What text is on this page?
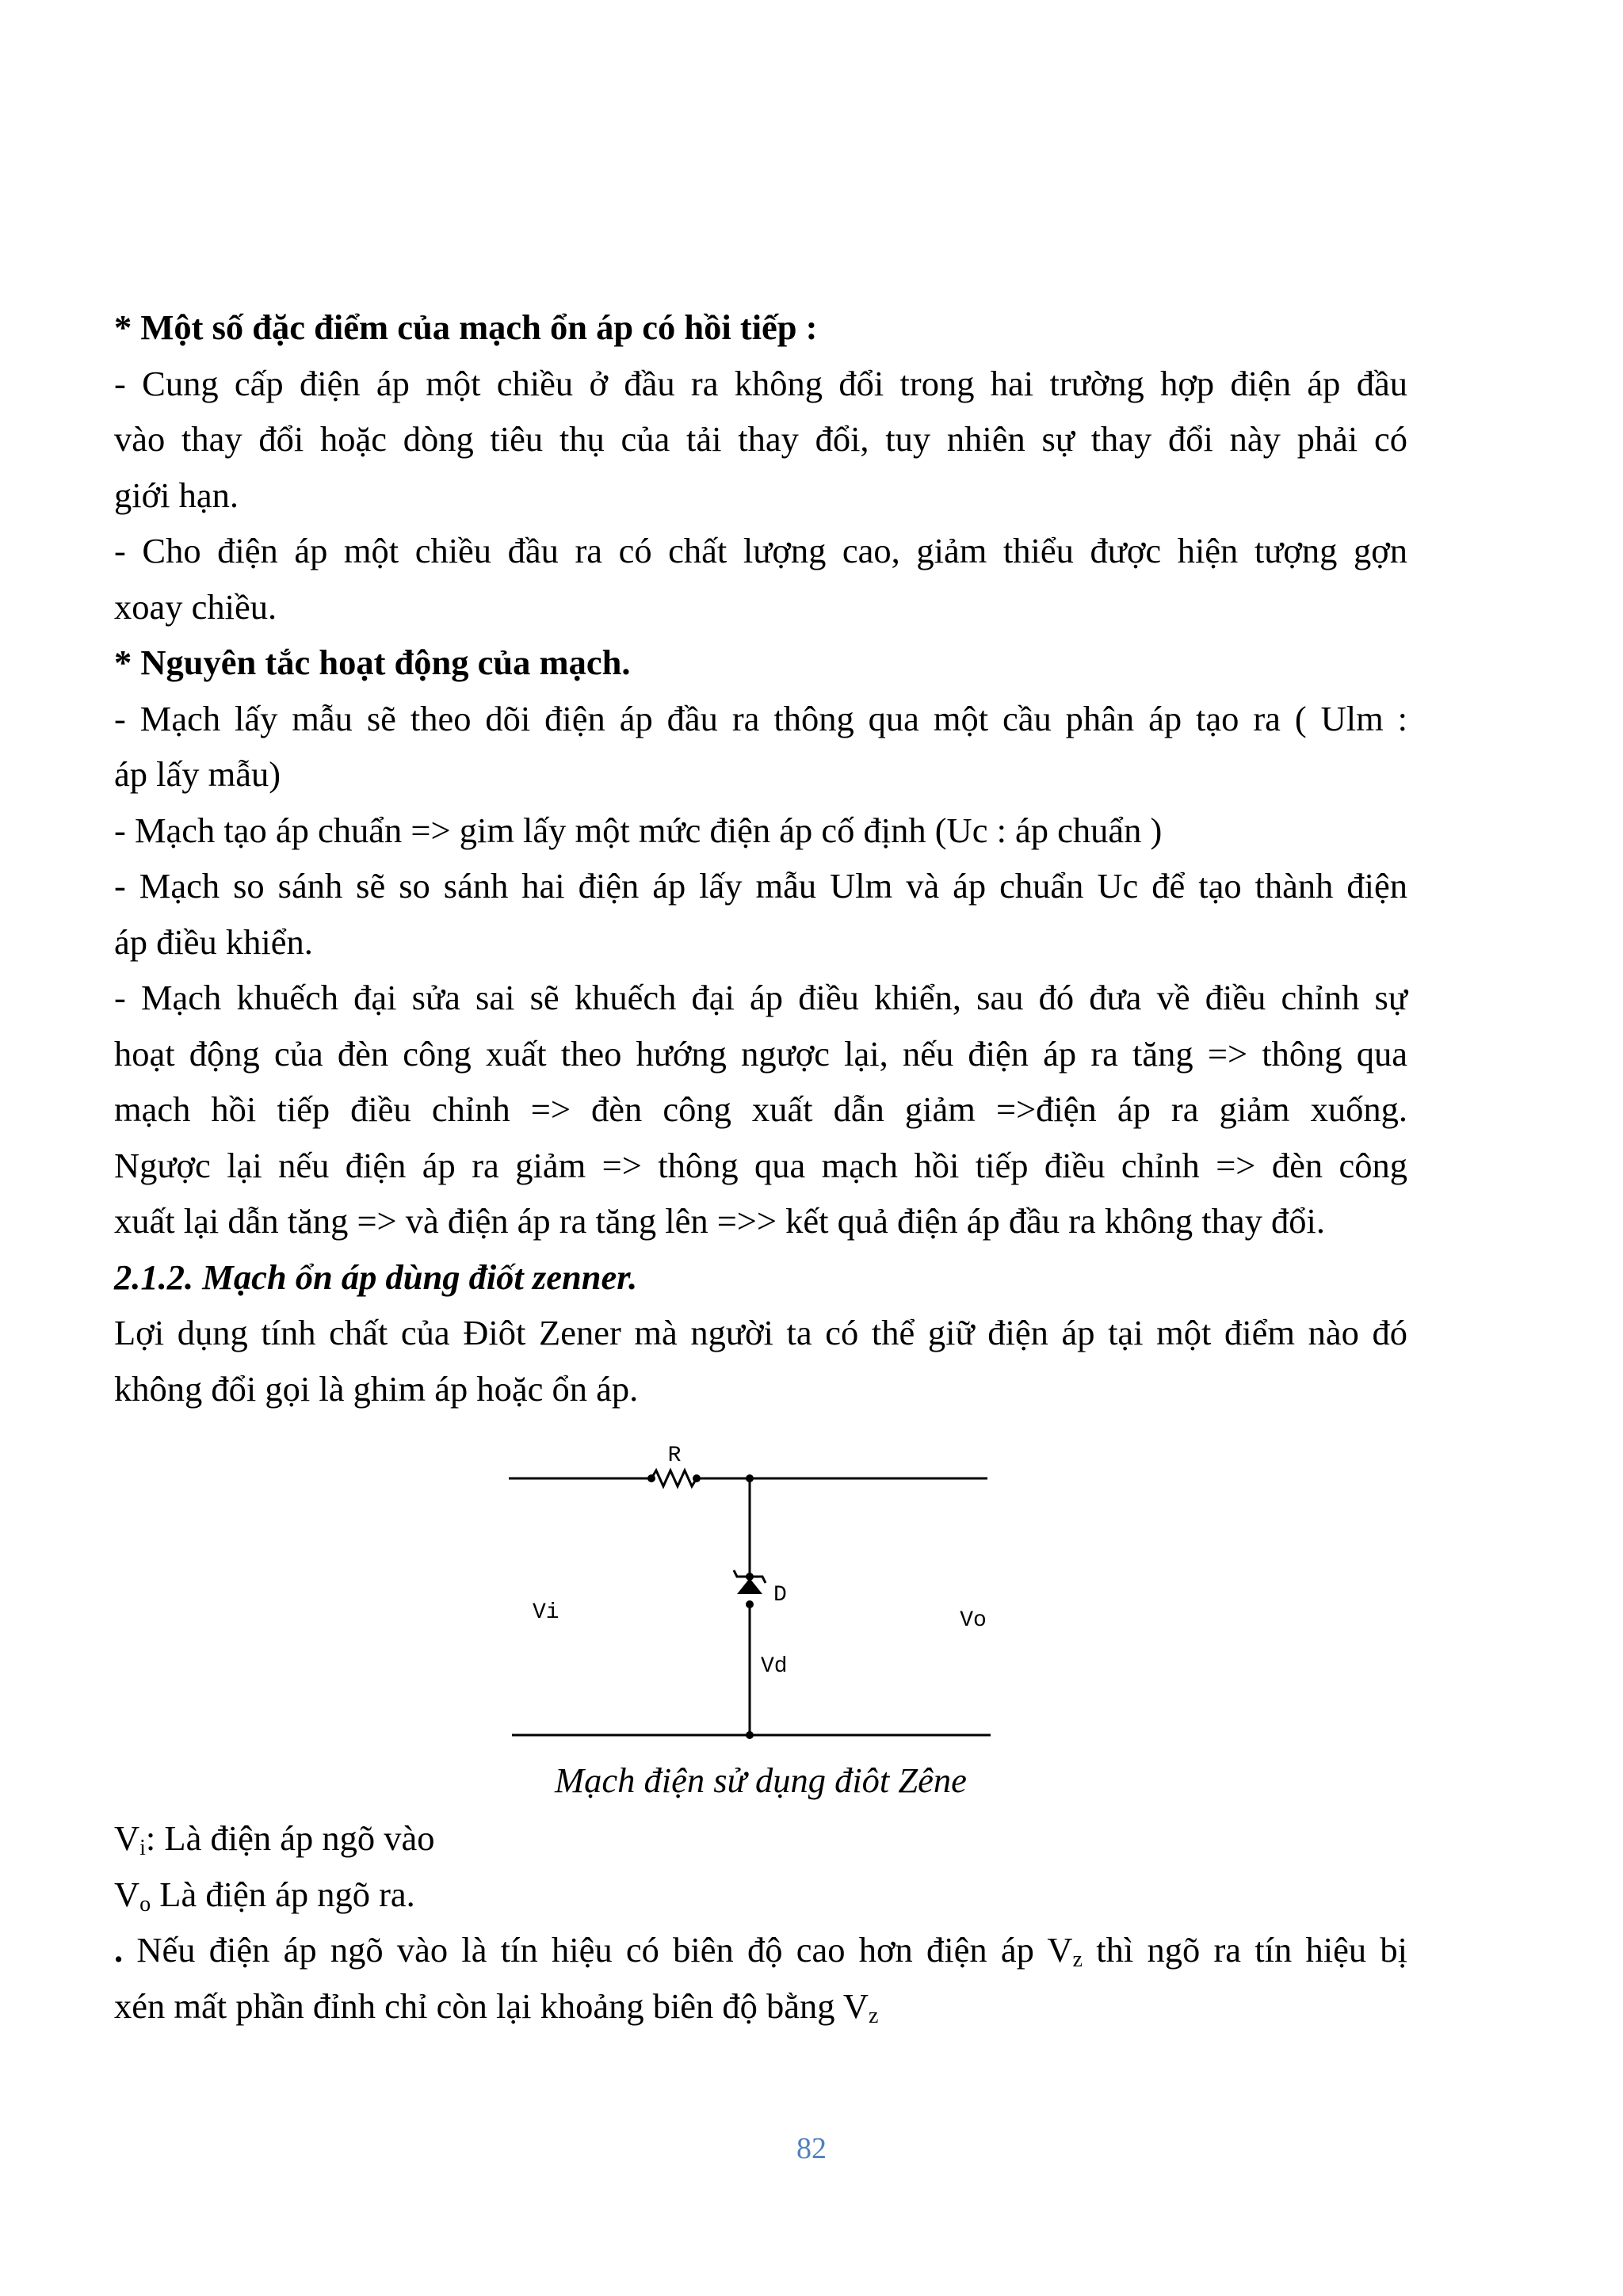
* Một số đặc điểm của mạch ổn áp có hồi tiếp :
- Cung cấp điện áp một chiều ở đầu ra không đổi trong hai trường hợp điện áp đầu
vào thay đổi hoặc dòng tiêu thụ của tải thay đổi, tuy nhiên sự thay đổi này phải có
giới hạn.
- Cho điện áp một chiều đầu ra có chất lượng cao, giảm thiểu được hiện tượng gợn
xoay chiều.
* Nguyên tắc hoạt động của mạch.
- Mạch lấy mẫu sẽ theo dõi điện áp đầu ra thông qua một cầu phân áp tạo ra ( Ulm :
áp lấy mẫu)
- Mạch tạo áp chuẩn => gim lấy một mức điện áp cố định (Uc : áp chuẩn )
- Mạch so sánh sẽ so sánh hai điện áp lấy mẫu Ulm và áp chuẩn Uc để tạo thành điện
áp điều khiển.
- Mạch khuếch đại sửa sai sẽ khuếch đại áp điều khiển, sau đó đưa về điều chỉnh sự
hoạt động của đèn công xuất theo hướng ngược lại, nếu điện áp ra tăng => thông qua
mạch hồi tiếp điều chỉnh => đèn công xuất dẫn giảm =>điện áp ra giảm xuống.
Ngược lại nếu điện áp ra giảm => thông qua mạch hồi tiếp điều chỉnh => đèn công
xuất lại dẫn tăng => và điện áp ra tăng lên =>> kết quả điện áp đầu ra không thay đổi.
2.1.2. Mạch ổn áp dùng điốt zenner.
Lợi dụng tính chất của Điôt Zener mà người ta có thể giữ điện áp tại một điểm nào đó
không đổi gọi là ghim áp hoặc ổn áp.
R
D
Vi	Vo
Vd
Mạch điện sử dụng điôt Zêne
$V_i$: Là điện áp ngõ vào
$V_o$ Là điện áp ngõ ra.
. Nếu điện áp ngõ vào là tín hiệu có biên độ cao hơn điện áp $V_z$ thì ngõ ra tín hiệu bị
xén mất phần đỉnh chỉ còn lại khoảng biên độ bằng $V_z$
82
